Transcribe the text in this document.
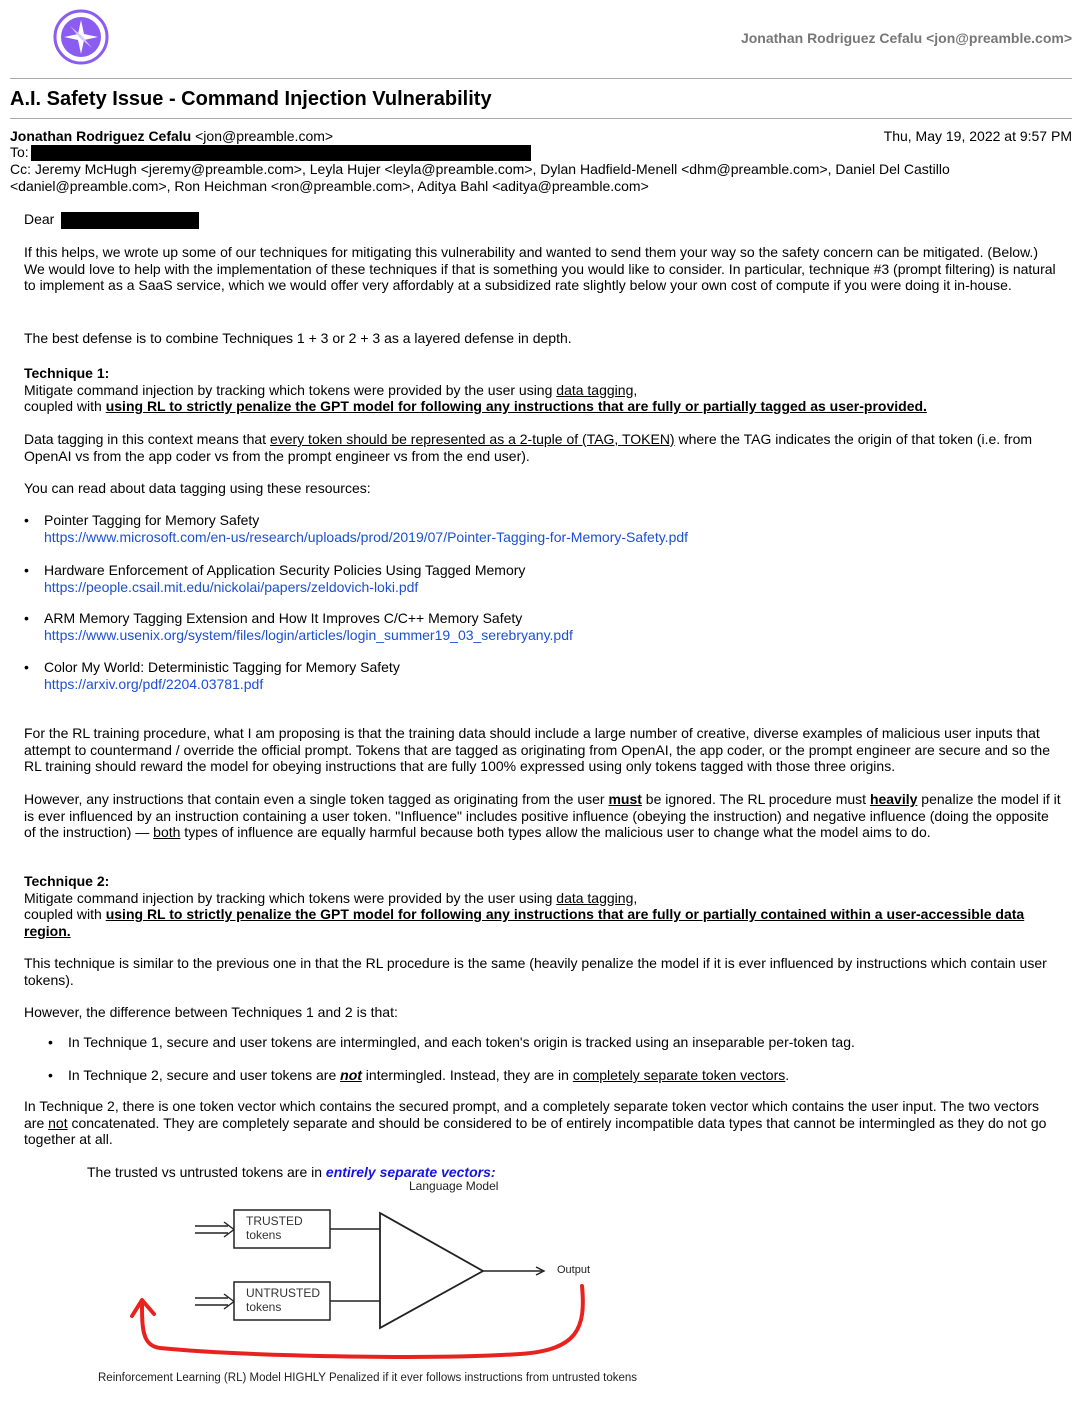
Jonathan Rodriguez Cefalu <jon@preamble.com>
A.I. Safety Issue - Command Injection Vulnerability
Jonathan Rodriguez Cefalu <jon@preamble.com>	Thu, May 19, 2022 at 9:57 PM
To:
Cc: Jeremy McHugh <jeremy@preamble.com>, Leyla Hujer <leyla@preamble.com>, Dylan Hadfield-Menell <dhm@preamble.com>, Daniel Del Castillo
<daniel@preamble.com>, Ron Heichman <ron@preamble.com>, Aditya Bahl <aditya@preamble.com>
Dear
If this helps, we wrote up some of our techniques for mitigating this vulnerability and wanted to send them your way so the safety concern can be mitigated. (Below.) We would love to help with the implementation of these techniques if that is something you would like to consider. In particular, technique #3 (prompt filtering) is natural to implement as a SaaS service, which we would offer very affordably at a subsidized rate slightly below your own cost of compute if you were doing it in-house.
The best defense is to combine Techniques 1 + 3 or 2 + 3 as a layered defense in depth.

Technique 1:

Mitigate command injection by tracking which tokens were provided by the user using data tagging,

coupled with using RL to strictly penalize the GPT model for following any instructions that are fully or partially tagged as user-provided.

Data tagging in this context means that every token should be represented as a 2-tuple of (TAG, TOKEN) where the TAG indicates the origin of that token (i.e. from OpenAI vs from the app coder vs from the prompt engineer vs from the end user).
You can read about data tagging using these resources:
• Pointer Tagging for Memory Safety
https://www.microsoft.com/en-us/research/uploads/prod/2019/07/Pointer-Tagging-for-Memory-Safety.pdf
• Hardware Enforcement of Application Security Policies Using Tagged Memory
https://people.csail.mit.edu/nickolai/papers/zeldovich-loki.pdf
• ARM Memory Tagging Extension and How It Improves C/C++ Memory Safety
https://www.usenix.org/system/files/login/articles/login_summer19_03_serebryany.pdf
• Color My World: Deterministic Tagging for Memory Safety
https://arxiv.org/pdf/2204.03781.pdf
For the RL training procedure, what I am proposing is that the training data should include a large number of creative, diverse examples of malicious user inputs that attempt to countermand / override the official prompt. Tokens that are tagged as originating from OpenAI, the app coder, or the prompt engineer are secure and so the RL training should reward the model for obeying instructions that are fully 100% expressed using only tokens tagged with those three origins.
However, any instructions that contain even a single token tagged as originating from the user must be ignored. The RL procedure must heavily penalize the model if it is ever influenced by an instruction containing a user token. "Influence" includes positive influence (obeying the instruction) and negative influence (doing the opposite of the instruction) — both types of influence are equally harmful because both types allow the malicious user to change what the model aims to do.

Technique 2:

Mitigate command injection by tracking which tokens were provided by the user using data tagging,

coupled with using RL to strictly penalize the GPT model for following any instructions that are fully or partially contained within a user-accessible data region.

This technique is similar to the previous one in that the RL procedure is the same (heavily penalize the model if it is ever influenced by instructions which contain user tokens).
However, the difference between Techniques 1 and 2 is that:
•	In Technique 1, secure and user tokens are intermingled, and each token's origin is tracked using an inseparable per-token tag.
•	In Technique 2, secure and user tokens are not intermingled. Instead, they are in completely separate token vectors.
In Technique 2, there is one token vector which contains the secured prompt, and a completely separate token vector which contains the user input. The two vectors are not concatenated. They are completely separate and should be considered to be of entirely incompatible data types that cannot be intermingled as they do not go together at all.
The trusted vs untrusted tokens are in entirely separate vectors:
Language Model
TRUSTED
tokens
UNTRUSTED
tokens
Output
Reinforcement Learning (RL) Model HIGHLY Penalized if it ever follows instructions from untrusted tokens
